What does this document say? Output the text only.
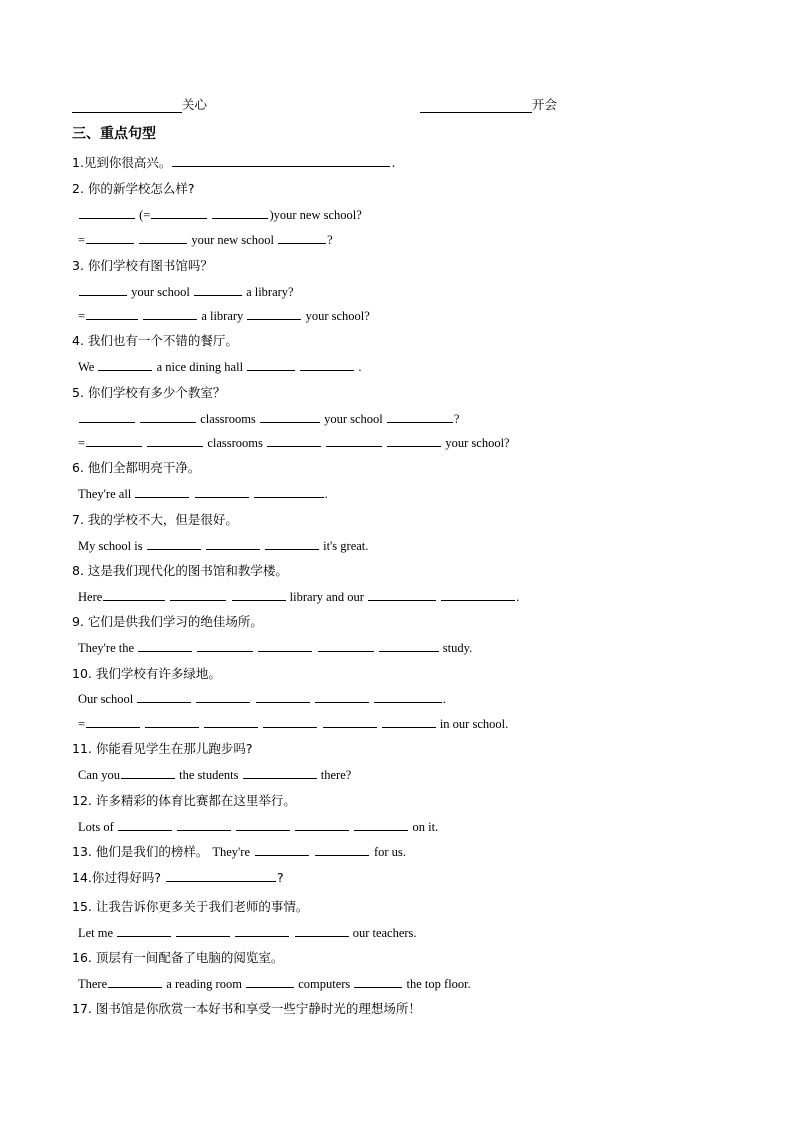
关心	开会
三、重点句型
1.见到你很高兴。	.
2. 你的新学校怎么样?
(=	)your new school?
=	your new school	?
3. 你们学校有图书馆吗？
your school	a library?
=	a library	your school?
4. 我们也有一个不错的餐厅。
We	a nice dining hall	.
5. 你们学校有多少个教室？
classrooms	your school	?
=	classrooms	your school?
6. 他们全都明亮干净。
They're all	.
7. 我的学校不大，但是很好。
My school is	it's great.
8. 这是我们现代化的图书馆和教学楼。
Here	library and our	.
9. 它们是供我们学习的绝佳场所。
They're the	study.
10. 我们学校有许多绿地。
Our school	.
=	in our school.
11. 你能看见学生在那儿跑步吗?
Can you	the students	there?
12. 许多精彩的体育比赛都在这里举行。
Lots of	on it.
13. 他们是我们的榜样。 They're	for us.
14.你过得好吗?	?
15. 让我告诉你更多关于我们老师的事情。
Let me	our teachers.
16. 顶层有一间配备了电脑的阅览室。
There	a reading room	computers	the top floor.
17. 图书馆是你欣赏一本好书和享受一些宁静时光的理想场所！
